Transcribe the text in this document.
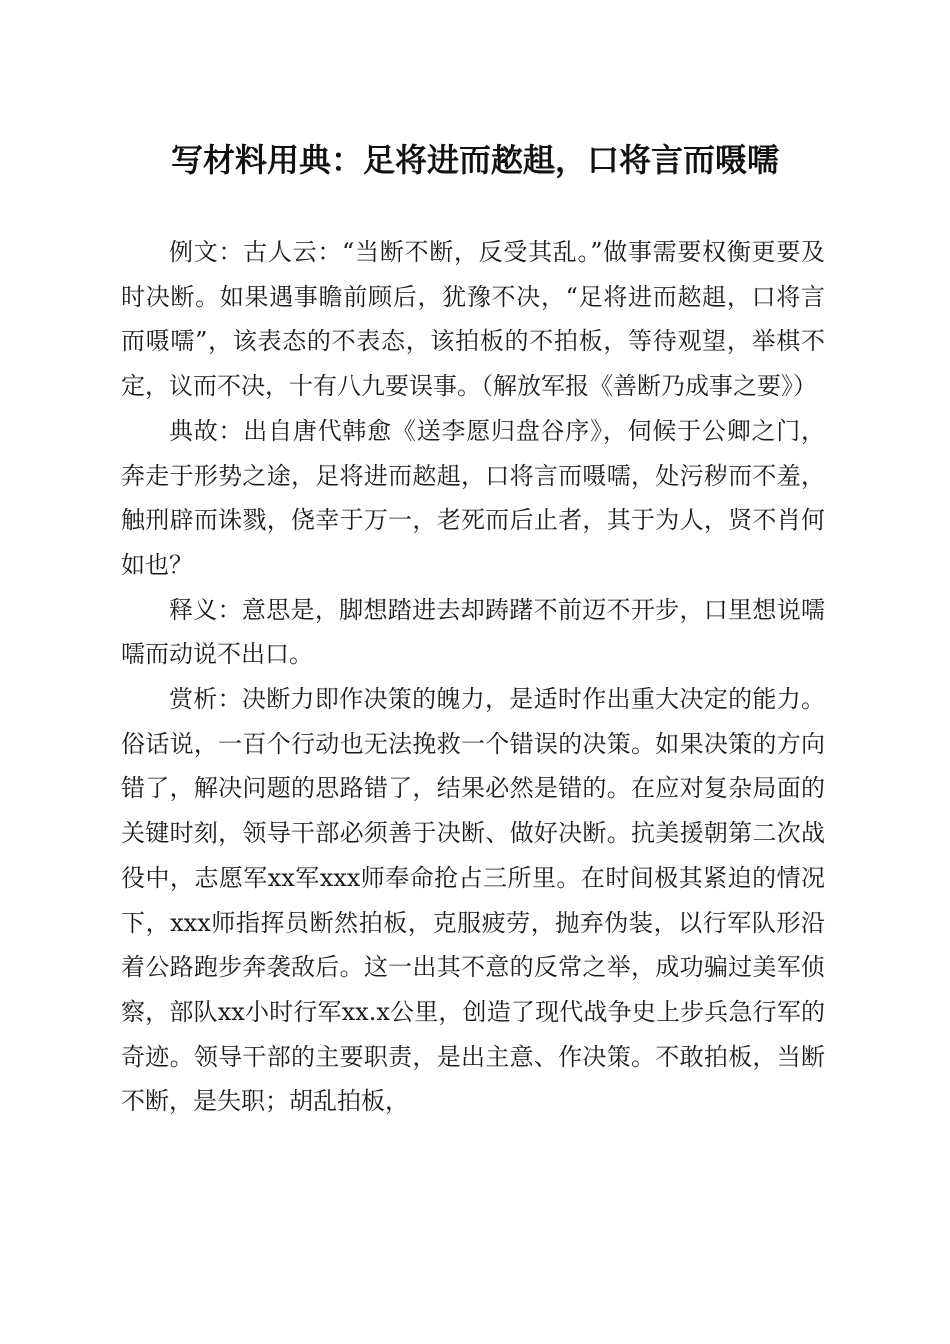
写材料用典：足将进而趑趄，口将言而嗫嚅

例文：古人云：“当断不断，反受其乱。”做事需要权衡更要及时决断。如果遇事瞻前顾后，犹豫不决，“足将进而趑趄，口将言而嗫嚅”，该表态的不表态，该拍板的不拍板，等待观望，举棋不定，议而不决，十有八九要误事。（解放军报《善断乃成事之要》）

典故：出自唐代韩愈《送李愿归盘谷序》，伺候于公卿之门，奔走于形势之途，足将进而趑趄，口将言而嗫嚅，处污秽而不羞，触刑辟而诛戮，侥幸于万一，老死而后止者，其于为人，贤不肖何如也？

释义：意思是，脚想踏进去却踌躇不前迈不开步，口里想说嚅嚅而动说不出口。

赏析：决断力即作决策的魄力，是适时作出重大决定的能力。俗话说，一百个行动也无法挽救一个错误的决策。如果决策的方向错了，解决问题的思路错了，结果必然是错的。在应对复杂局面的关键时刻，领导干部必须善于决断、做好决断。抗美援朝第二次战役中，志愿军xx军xxx师奉命抢占三所里。在时间极其紧迫的情况下，xxx师指挥员断然拍板，克服疲劳，抛弃伪装，以行军队形沿着公路跑步奔袭敌后。这一出其不意的反常之举，成功骗过美军侦察，部队xx小时行军xx.x公里，创造了现代战争史上步兵急行军的奇迹。领导干部的主要职责，是出主意、作决策。不敢拍板，当断不断，是失职；胡乱拍板，
